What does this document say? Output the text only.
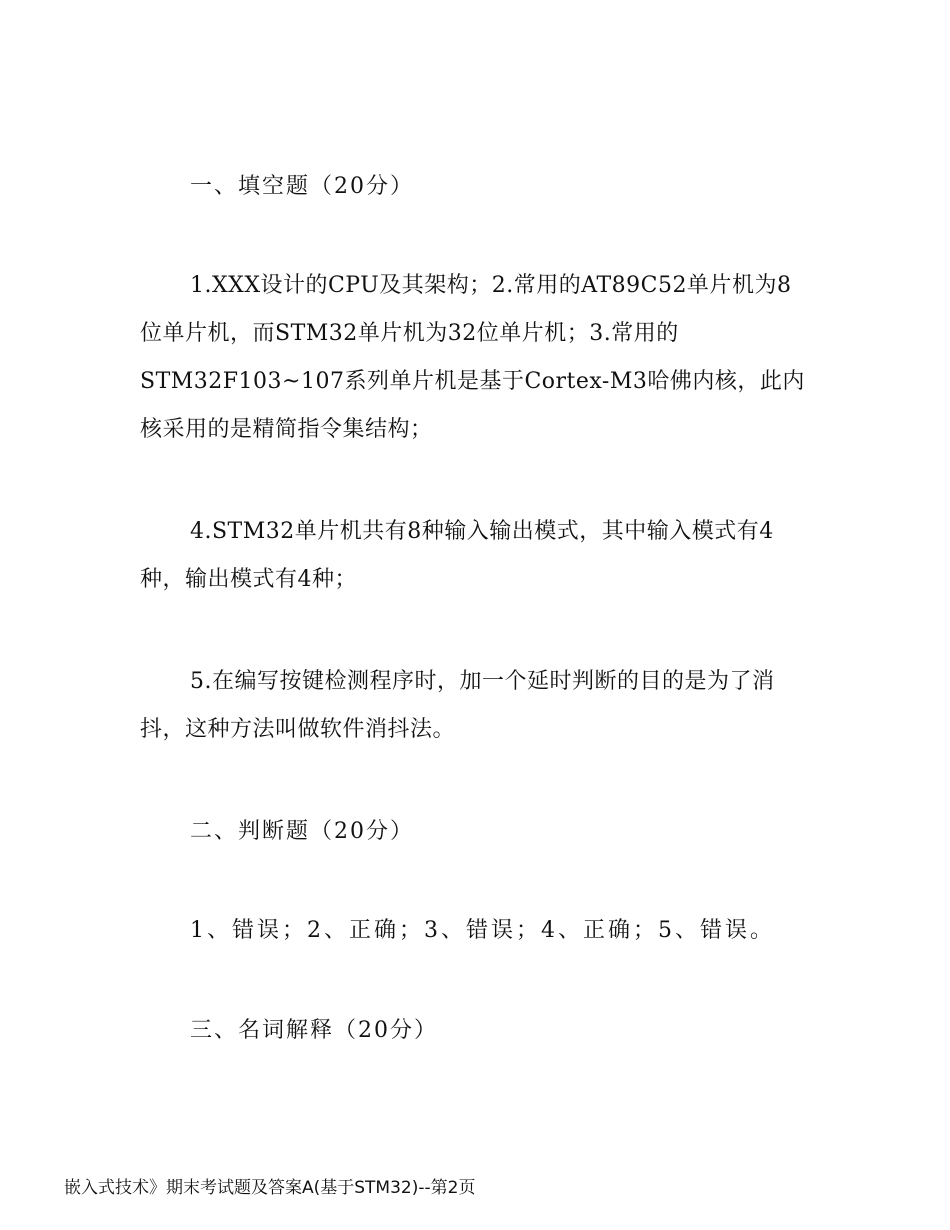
一、填空题（20分）

1.XXX设计的CPU及其架构；2.常用的AT89C52单片机为8位单片机，而STM32单片机为32位单片机；3.常用的STM32F103~107系列单片机是基于Cortex-M3哈佛内核，此内核采用的是精简指令集结构；

4.STM32单片机共有8种输入输出模式，其中输入模式有4种，输出模式有4种；

5.在编写按键检测程序时，加一个延时判断的目的是为了消抖，这种方法叫做软件消抖法。

二、判断题（20分）

1、错误；2、正确；3、错误；4、正确；5、错误。

三、名词解释（20分）

嵌入式技术》期末考试题及答案A(基于STM32)--第2页
